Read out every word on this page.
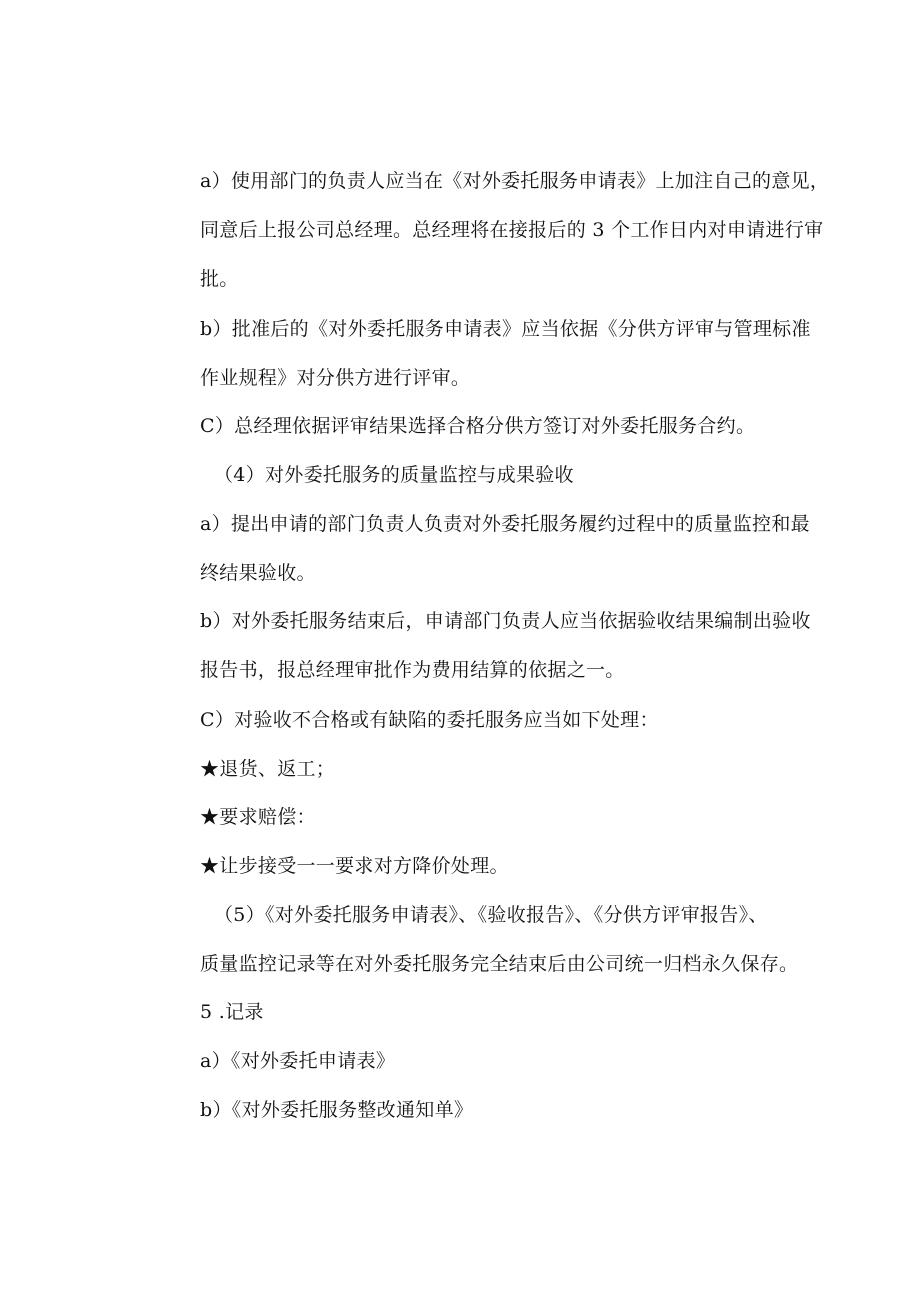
a）使用部门的负责人应当在《对外委托服务申请表》上加注自己的意见，
同意后上报公司总经理。总经理将在接报后的 3 个工作日内对申请进行审
批。
b）批准后的《对外委托服务申请表》应当依据《分供方评审与管理标准
作业规程》对分供方进行评审。
C）总经理依据评审结果选择合格分供方签订对外委托服务合约。
（4）对外委托服务的质量监控与成果验收
a）提出申请的部门负责人负责对外委托服务履约过程中的质量监控和最
终结果验收。
b）对外委托服务结束后，申请部门负责人应当依据验收结果编制出验收
报告书，报总经理审批作为费用结算的依据之一。
C）对验收不合格或有缺陷的委托服务应当如下处理：
★退货、返工；
★要求赔偿：
★让步接受一一要求对方降价处理。
（5）《对外委托服务申请表》、《验收报告》、《分供方评审报告》、
质量监控记录等在对外委托服务完全结束后由公司统一归档永久保存。
5 .记录
a）《对外委托申请表》
b）《对外委托服务整改通知单》
